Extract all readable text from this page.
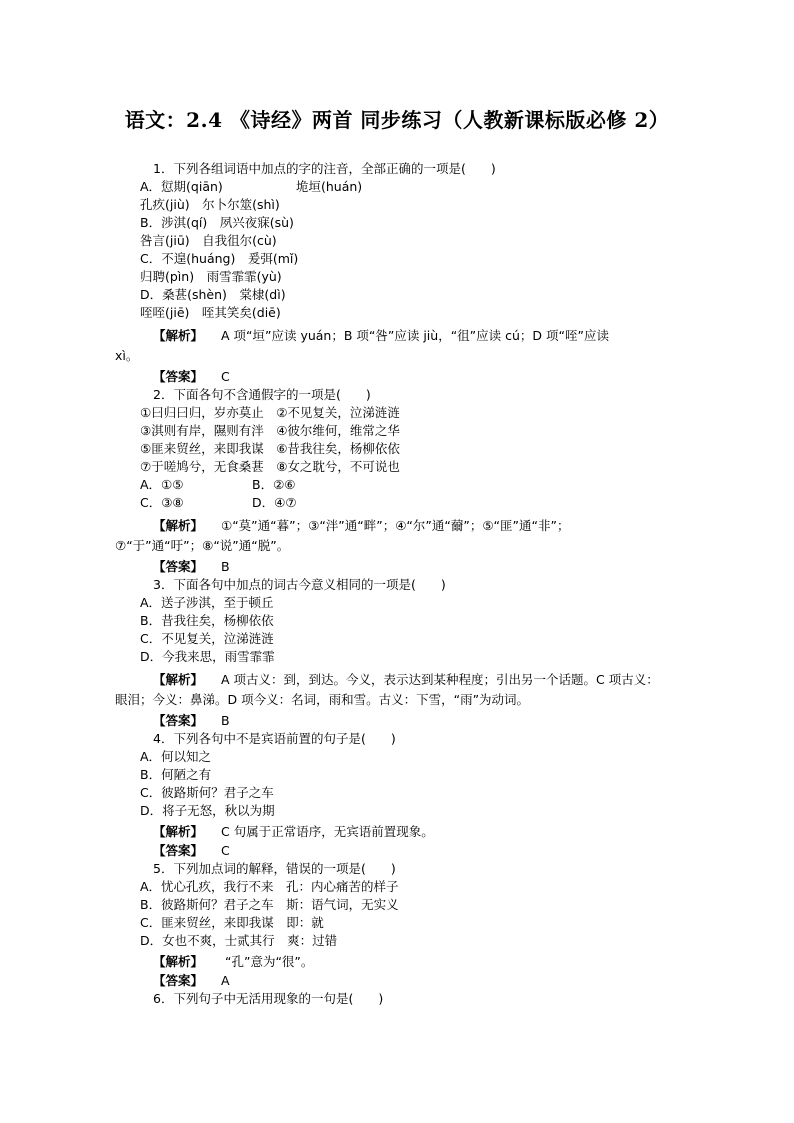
语文：2.4 《诗经》两首 同步练习（人教新课标版必修 2）
1．下列各组词语中加点的字的注音，全部正确的一项是(　　)
A．愆期(qiān)	垝垣(huán)
孔疚(jiù)　尔卜尔筮(shì)
B．涉淇(qí)　夙兴夜寐(sù)
咎言(jiū)　自我徂尔(cù)
C．不遑(huáng)　爰弭(mǐ)
归聘(pìn)　雨雪霏霏(yù)
D．桑葚(shèn)　棠棣(dì)
咥咥(jiē)　咥其笑矣(diē)
【解析】 A 项“垣”应读 yuán；B 项“咎”应读 jiù，“徂”应读 cú；D 项“咥”应读
xì。
【答案】 C
2．下面各句不含通假字的一项是(　　)
①曰归曰归，岁亦莫止　②不见复关，泣涕涟涟
③淇则有岸，隰则有泮　④彼尔维何，维常之华
⑤匪来贸丝，来即我谋　⑥昔我往矣，杨柳依依
⑦于嗟鸠兮，无食桑葚　⑧女之耽兮，不可说也
A．①⑤	B．②⑥
C．③⑧	D．④⑦
【解析】 ①“莫”通“暮”；③“泮”通“畔”；④“尔”通“薾”；⑤“匪”通“非”；
⑦“于”通“吁”；⑧“说”通“脱”。
【答案】 B
3．下面各句中加点的词古今意义相同的一项是(　　)
A．送子涉淇，至于顿丘
B．昔我往矣，杨柳依依
C．不见复关，泣涕涟涟
D．今我来思，雨雪霏霏
【解析】 A 项古义：到，到达。今义，表示达到某种程度；引出另一个话题。C 项古义：
眼泪；今义：鼻涕。D 项今义：名词，雨和雪。古义：下雪，“雨”为动词。
【答案】 B
4．下列各句中不是宾语前置的句子是(　　)
A．何以知之
B．何陋之有
C．彼路斯何？君子之车
D．将子无怒，秋以为期
【解析】 C 句属于正常语序，无宾语前置现象。
【答案】 C
5．下列加点词的解释，错误的一项是(　　)
A．忧心孔疚，我行不来　孔：内心痛苦的样子
B．彼路斯何？君子之车　斯：语气词，无实义
C．匪来贸丝，来即我谋　即：就
D．女也不爽，士贰其行　爽：过错
【解析】 “孔”意为“很”。
【答案】 A
6．下列句子中无活用现象的一句是(　　)
